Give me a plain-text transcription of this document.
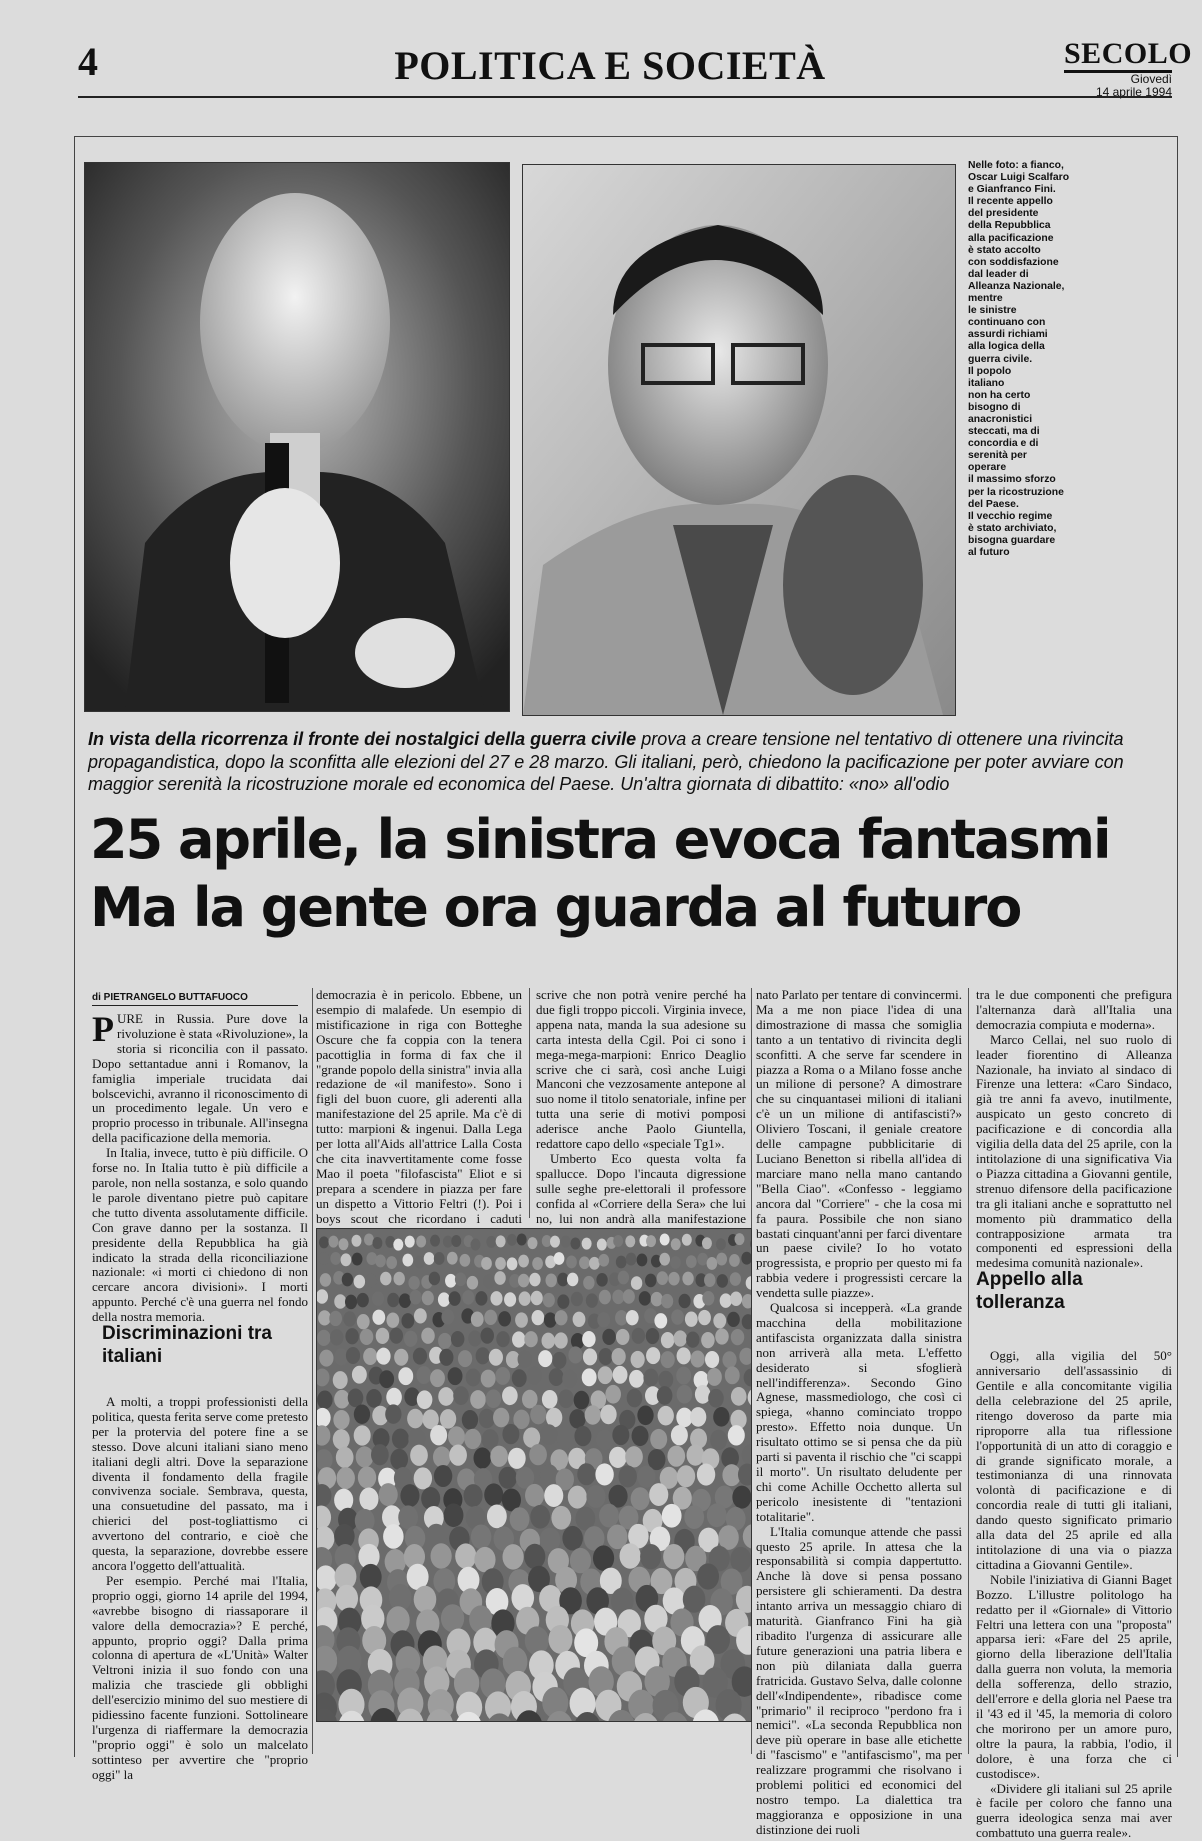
4	POLITICA E SOCIETÀ	SECOLO
Giovedì
14 aprile 1994
Nelle foto: a fianco,
Oscar Luigi Scalfaro
e Gianfranco Fini.
Il recente appello
del presidente
della Repubblica
alla pacificazione
è stato accolto
con soddisfazione
dal leader di
Alleanza Nazionale,
mentre
le sinistre
continuano con
assurdi richiami
alla logica della
guerra civile.
Il popolo
italiano
non ha certo
bisogno di
anacronistici
steccati, ma di
concordia e di
serenità per
operare
il massimo sforzo
per la ricostruzione
del Paese.
Il vecchio regime
è stato archiviato,
bisogna guardare
al futuro
In vista della ricorrenza il fronte dei nostalgici della guerra civile prova a creare tensione nel tentativo di ottenere una rivincita propagandistica, dopo la sconfitta alle elezioni del 27 e 28 marzo. Gli italiani, però, chiedono la pacificazione per poter avviare con maggior serenità la ricostruzione morale ed economica del Paese. Un'altra giornata di dibattito: «no» all'odio
25 aprile, la sinistra evoca fantasmi
Ma la gente ora guarda al futuro
di PIETRANGELO BUTTAFUOCO

PURE in Russia. Pure dove la rivoluzione è stata «Rivoluzione», la storia si riconcilia con il passato. Dopo settantadue anni i Romanov, la famiglia imperiale trucidata dai bolscevichi, avranno il riconoscimento di un procedimento legale. Un vero e proprio processo in tribunale. All'insegna della pacificazione della memoria.

In Italia, invece, tutto è più difficile. O forse no. In Italia tutto è più difficile a parole, non nella sostanza, e solo quando le parole diventano pietre può capitare che tutto diventa assolutamente difficile. Con grave danno per la sostanza. Il presidente della Repubblica ha già indicato la strada della riconciliazione nazionale: «i morti ci chiedono di non cercare ancora divisioni». I morti appunto. Perché c'è una guerra nel fondo della nostra memoria.

A molti, a troppi professionisti della politica, questa ferita serve come pretesto per la protervia del potere fine a se stesso. Dove alcuni italiani siano meno italiani degli altri. Dove la separazione diventa il fondamento della fragile convivenza sociale. Sembrava, questa, una consuetudine del passato, ma i chierici del post-togliattismo ci avvertono del contrario, e cioè che questa, la separazione, dovrebbe essere ancora l'oggetto dell'attualità.

Per esempio. Perché mai l'Italia, proprio oggi, giorno 14 aprile del 1994, «avrebbe bisogno di riassaporare il valore della democrazia»? E perché, appunto, proprio oggi? Dalla prima colonna di apertura de «L'Unità» Walter Veltroni inizia il suo fondo con una malizia che trasciede gli obblighi dell'esercizio minimo del suo mestiere di pidiessino facente funzioni. Sottolineare l'urgenza di riaffermare la democrazia "proprio oggi" è solo un malcelato sottinteso per avvertire che "proprio oggi" la

Discriminazioni tra italiani

democrazia è in pericolo. Ebbene, un esempio di malafede. Un esempio di mistificazione in riga con Botteghe Oscure che fa coppia con la tenera pacottiglia in forma di fax che il "grande popolo della sinistra" invia alla redazione de «il manifesto». Sono i figli del buon cuore, gli aderenti alla manifestazione del 25 aprile. Ma c'è di tutto: marpioni & ingenui. Dalla Lega per lotta all'Aids all'attrice Lalla Costa che cita inavvertitamente come fosse Mao il poeta "filofascista" Eliot e si prepara a scendere in piazza per fare un dispetto a Vittorio Feltri (!). Poi i boys scout che ricordano i caduti

scrive che non potrà venire perché ha due figli troppo piccoli. Virginia invece, appena nata, manda la sua adesione su carta intesta della Cgil. Poi ci sono i mega-mega-marpioni: Enrico Deaglio scrive che ci sarà, così anche Luigi Manconi che vezzosamente antepone al suo nome il titolo senatoriale, infine per tutta una serie di motivi pomposi aderisce anche Paolo Giuntella, redattore capo dello «speciale Tg1».

Umberto Eco questa volta fa spallucce. Dopo l'incauta digressione sulle seghe pre-elettorali il professore confida al «Corriere della Sera» che lui no, lui non andrà alla manifestazione

nato Parlato per tentare di convincermi. Ma a me non piace l'idea di una dimostrazione di massa che somiglia tanto a un tentativo di rivincita degli sconfitti. A che serve far scendere in piazza a Roma o a Milano fosse anche un milione di persone? A dimostrare che su cinquantasei milioni di italiani c'è un un milione di antifascisti?» Oliviero Toscani, il geniale creatore delle campagne pubblicitarie di Luciano Benetton si ribella all'idea di marciare mano nella mano cantando "Bella Ciao". «Confesso - leggiamo ancora dal "Corriere" - che la cosa mi fa paura. Possibile che non siano bastati cinquant'anni per farci diventare un paese civile? Io ho votato progressista, e proprio per questo mi fa rabbia vedere i progressisti cercare la vendetta sulle piazze».

Qualcosa si incepperà. «La grande macchina della mobilitazione antifascista organizzata dalla sinistra non arriverà alla meta. L'effetto desiderato si sfoglierà nell'indifferenza». Secondo Gino Agnese, massmediologo, che così ci spiega, «hanno cominciato troppo presto». Effetto noia dunque. Un risultato ottimo se si pensa che da più parti si paventa il rischio che "ci scappi il morto". Un risultato deludente per chi come Achille Occhetto allerta sul pericolo inesistente di "tentazioni totalitarie".

L'Italia comunque attende che passi questo 25 aprile. In attesa che la responsabilità si compia dappertutto. Anche là dove si pensa possano persistere gli schieramenti. Da destra intanto arriva un messaggio chiaro di maturità. Gianfranco Fini ha già ribadito l'urgenza di assicurare alle future generazioni una patria libera e non più dilaniata dalla guerra fratricida. Gustavo Selva, dalle colonne dell'«Indipendente», ribadisce come "primario" il reciproco "perdono fra i nemici". «La seconda Repubblica non deve più operare in base alle etichette di "fascismo" e "antifascismo", ma per realizzare programmi che risolvano i problemi politici ed economici del nostro tempo. La dialettica tra maggioranza e opposizione in una distinzione dei ruoli

tra le due componenti che prefigura l'alternanza darà all'Italia una democrazia compiuta e moderna».

Marco Cellai, nel suo ruolo di leader fiorentino di Alleanza Nazionale, ha inviato al sindaco di Firenze una lettera: «Caro Sindaco, già tre anni fa avevo, inutilmente, auspicato un gesto concreto di pacificazione e di concordia alla vigilia della data del 25 aprile, con la intitolazione di una significativa Via o Piazza cittadina a Giovanni gentile, strenuo difensore della pacificazione tra gli italiani anche e soprattutto nel momento più drammatico della contrapposizione armata tra componenti ed espressioni della medesima comunità nazionale».

Oggi, alla vigilia del 50° anniversario dell'assassinio di Gentile e alla concomitante vigilia della celebrazione del 25 aprile, ritengo doveroso da parte mia riproporre alla tua riflessione l'opportunità di un atto di coraggio e di grande significato morale, a testimonianza di una rinnovata volontà di pacificazione e di concordia reale di tutti gli italiani, dando questo significato primario alla data del 25 aprile ed alla intitolazione di una via o piazza cittadina a Giovanni Gentile».

Nobile l'iniziativa di Gianni Baget Bozzo. L'illustre politologo ha redatto per il «Giornale» di Vittorio Feltri una lettera con una "proposta" apparsa ieri: «Fare del 25 aprile, giorno della liberazione dell'Italia dalla guerra non voluta, la memoria della sofferenza, dello strazio, dell'errore e della gloria nel Paese tra il '43 ed il '45, la memoria di coloro che morirono per un amore puro, oltre la paura, la rabbia, l'odio, il dolore, è una forza che ci custodisce».

«Dividere gli italiani sul 25 aprile è facile per coloro che fanno una guerra ideologica senza mai aver combattuto una guerra reale».

Appello alla tolleranza
